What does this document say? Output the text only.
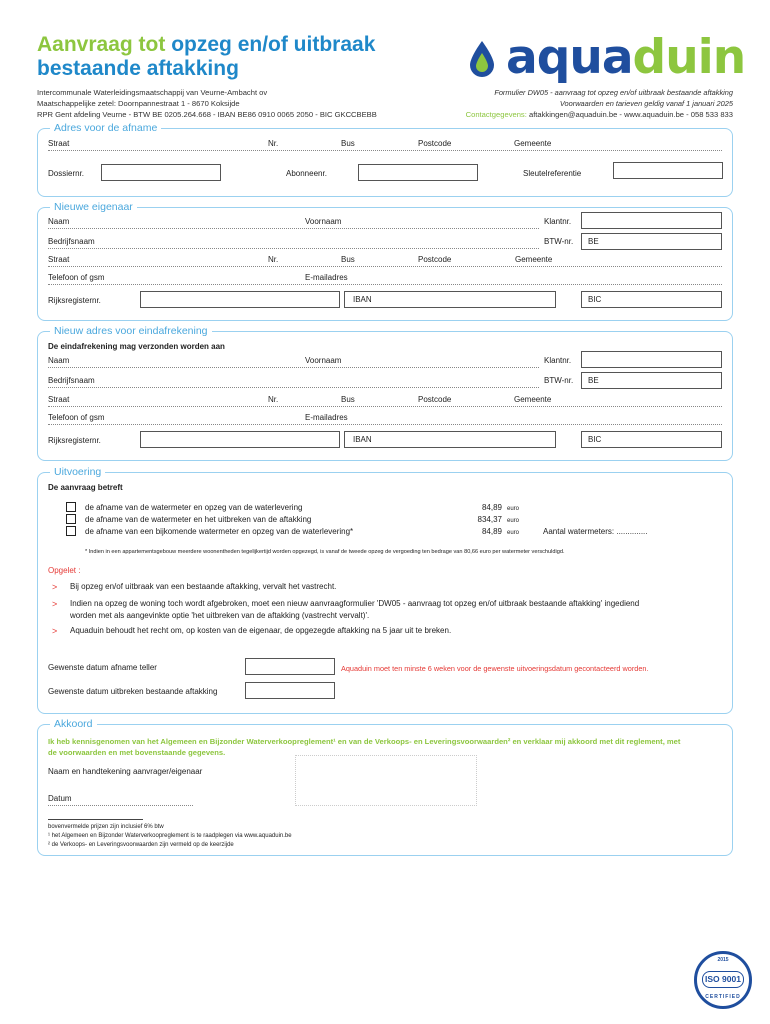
Aanvraag tot opzeg en/of uitbraak
bestaande aftakking
Intercommunale Waterleidingsmaatschappij van Veurne-Ambacht ov
Maatschappelijke zetel: Doornpannestraat 1 - 8670 Koksijde
RPR Gent afdeling Veurne - BTW BE 0205.264.668 - IBAN BE86 0910 0065 2050 - BIC GKCCBEBB
aquaduin
Formulier DW05 - aanvraag tot opzeg en/of uitbraak bestaande aftakking
Voorwaarden en tarieven geldig vanaf 1 januari 2025
Contactgegevens: aftakkingen@aquaduin.be - www.aquaduin.be - 058 533 833
Adres voor de afname
Straat	Nr.	Bus	Postcode	Gemeente
Dossiernr.	Abonneenr.	Sleutelreferentie
Nieuwe eigenaar
Naam	Voornaam	Klantnr.
Bedrijfsnaam	BTW-nr. BE
Straat	Nr.	Bus	Postcode	Gemeente
Telefoon of gsm	E-mailadres
Rijksregisternr.	IBAN	BIC
Nieuw adres voor eindafrekening
De eindafrekening mag verzonden worden aan
Naam	Voornaam	Klantnr.
Bedrijfsnaam	BTW-nr. BE
Straat	Nr.	Bus	Postcode	Gemeente
Telefoon of gsm	E-mailadres
Rijksregisternr.	IBAN	BIC
Uitvoering
De aanvraag betreft
de afname van de watermeter en opzeg van de waterlevering	84,89 euro
de afname van de watermeter en het uitbreken van de aftakking	834,37 euro
de afname van een bijkomende watermeter en opzeg van de waterlevering*	84,89 euro	Aantal watermeters: ..............
* Indien in een appartementsgebouw meerdere woonentheden tegelijkertijd worden opgezegd, is vanaf de tweede opzeg de vergoeding ten bedrage van 80,66 euro per watermeter verschuldigd.
Opgelet :
> Bij opzeg en/of uitbraak van een bestaande aftakking, vervalt het vastrecht.
> Indien na opzeg de woning toch wordt afgebroken, moet een nieuw aanvraagformulier 'DW05 - aanvraag tot opzeg en/of uitbraak bestaande aftakking' ingediend
worden met als aangevinkte optie 'het uitbreken van de aftakking (vastrecht vervalt)'.
> Aquaduin behoudt het recht om, op kosten van de eigenaar, de opgezegde aftakking na 5 jaar uit te breken.
Gewenste datum afname teller	Aquaduin moet ten minste 6 weken voor de gewenste uitvoeringsdatum gecontacteerd worden.
Gewenste datum uitbreken bestaande aftakking
Akkoord
Ik heb kennisgenomen van het Algemeen en Bijzonder Waterverkoopreglement¹ en van de Verkoops- en Leveringsvoorwaarden² en verklaar mij akkoord met dit reglement, met
de voorwaarden en met bovenstaande gegevens.
Naam en handtekening aanvrager/eigenaar
Datum
bovenvermelde prijzen zijn inclusief 6% btw
¹ het Algemeen en Bijzonder Waterverkoopreglement is te raadplegen via www.aquaduin.be
² de Verkoops- en Leveringsvoorwaarden zijn vermeld op de keerzijde
2015
ISO 9001
CERTIFIED
